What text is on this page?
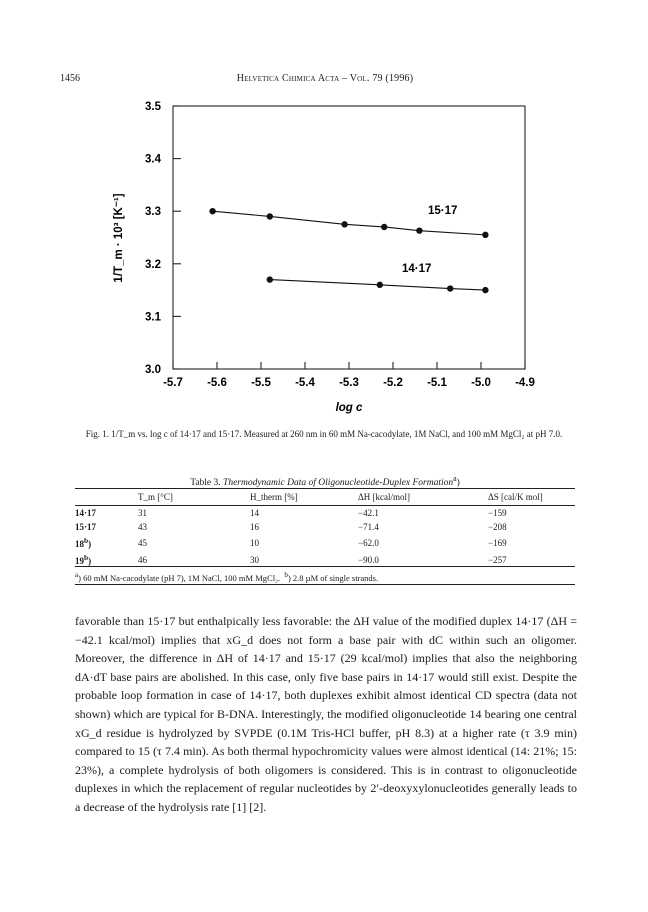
1456	Helvetica Chimica Acta – Vol. 79 (1996)
3.0
3.1
3.2
3.3
3.4
3.5
-5.7 -5.6 -5.5 -5.4 -5.3 -5.2 -5.1 -5.0 -4.9
log c
1/T_m · 10³ [K⁻¹]	15·17
14·17
Fig. 1. 1/T_m vs. log c of 14·17 and 15·17. Measured at 260 nm in 60 mM Na-cacodylate, 1M NaCl, and 100 mM MgCl₂ at pH 7.0.
Table 3. Thermodynamic Data of Oligonucleotide-Duplex Formation$^a$)
	T_m [°C]	H_therm [%]	ΔH [kcal/mol]	ΔS [cal/K mol]
14·17	31	14	−42.1	−159
15·17	43	16	−71.4	−208
18$^b$)	45	10	−62.0	−169
19$^b$)	46	30	−90.0	−257
$^a$) 60 mM Na-cacodylate (pH 7), 1M NaCl, 100 mM MgCl₂. $^b$) 2.8 µM of single strands.

favorable than 15·17 but enthalpically less favorable: the ΔH value of the modified duplex 14·17 (ΔH = −42.1 kcal/mol) implies that xG_d does not form a base pair with dC within such an oligomer. Moreover, the difference in ΔH of 14·17 and 15·17 (29 kcal/mol) implies that also the neighboring dA·dT base pairs are abolished. In this case, only five base pairs in 14·17 would still exist. Despite the probable loop formation in case of 14·17, both duplexes exhibit almost identical CD spectra (data not shown) which are typical for B-DNA. Interestingly, the modified oligonucleotide 14 bearing one central xG_d residue is hydrolyzed by SVPDE (0.1M Tris-HCl buffer, pH 8.3) at a higher rate (τ 3.9 min) compared to 15 (τ 7.4 min). As both thermal hypochromicity values were almost identical (14: 21%; 15: 23%), a complete hydrolysis of both oligomers is considered. This is in contrast to oligonucleotide duplexes in which the replacement of regular nucleotides by 2′-deoxyxylonucleotides generally leads to a decrease of the hydrolysis rate [1] [2].
